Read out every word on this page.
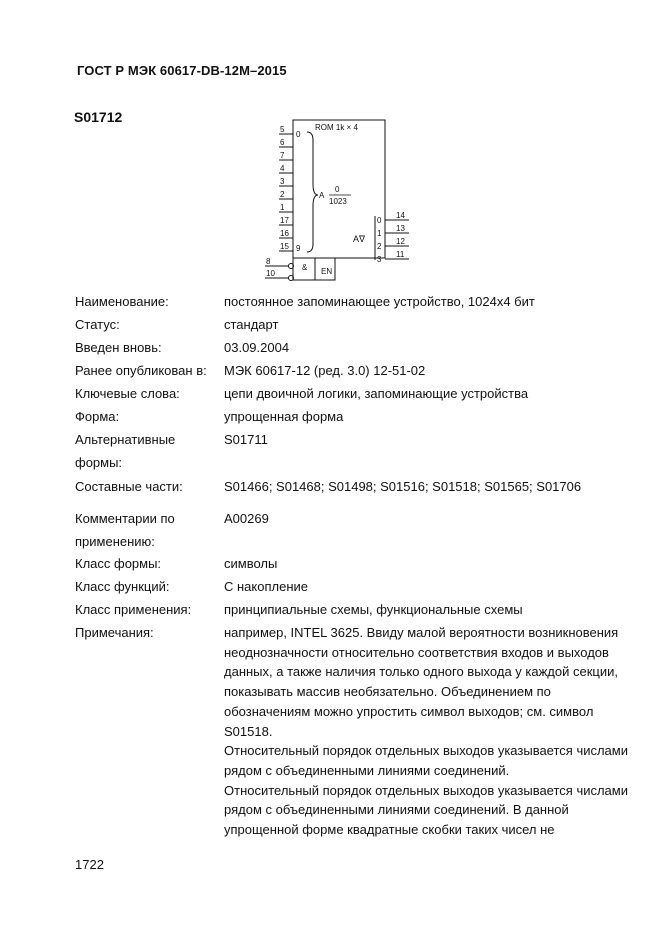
ГОСТ Р МЭК 60617-DB-12M–2015
S01712
ROM 1k × 4
0
9
A
0
1023
A∇
5
6
7
4
3
2
1
17
16
15
14
13
12
11
0
1
2
3
8
10
& EN
Наименование:	постоянное запоминающее устройство, 1024x4 бит
Статус:	стандарт
Введен вновь:	03.09.2004
Ранее опубликован в:	МЭК 60617-12 (ред. 3.0) 12-51-02
Ключевые слова:	цепи двоичной логики, запоминающие устройства
Форма:	упрощенная форма
Альтернативные формы:
S01711
Составные части:	S01466; S01468; S01498; S01516; S01518; S01565; S01706
Комментарии по применению:
A00269
Класс формы:	символы
Класс функций:	С накопление
Класс применения:	принципиальные схемы, функциональные схемы
Примечания:	например, INTEL 3625. Ввиду малой вероятности возникновения неоднозначности относительно соответствия входов и выходов данных, а также наличия только одного выхода у каждой секции, показывать массив необязательно. Объединением по обозначениям можно упростить символ выходов; см. символ S01518.

Относительный порядок отдельных выходов указывается числами рядом с объединенными линиями соединений.

Относительный порядок отдельных выходов указывается числами рядом с объединенными линиями соединений. В данной упрощенной форме квадратные скобки таких чисел не

1722
